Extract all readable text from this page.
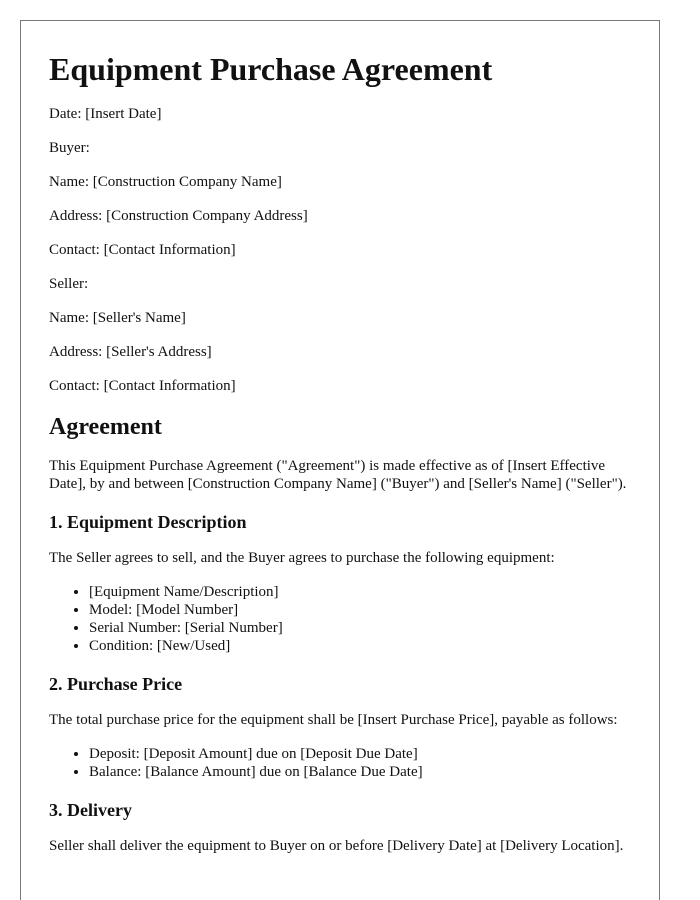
Equipment Purchase Agreement

Date: [Insert Date]

Buyer:

Name: [Construction Company Name]

Address: [Construction Company Address]

Contact: [Contact Information]

Seller:

Name: [Seller's Name]

Address: [Seller's Address]

Contact: [Contact Information]

Agreement

This Equipment Purchase Agreement ("Agreement") is made effective as of [Insert Effective Date], by and between [Construction Company Name] ("Buyer") and [Seller's Name] ("Seller").

1. Equipment Description

The Seller agrees to sell, and the Buyer agrees to purchase the following equipment:

• [Equipment Name/Description]
• Model: [Model Number]
• Serial Number: [Serial Number]
• Condition: [New/Used]
2. Purchase Price

The total purchase price for the equipment shall be [Insert Purchase Price], payable as follows:

• Deposit: [Deposit Amount] due on [Deposit Due Date]
• Balance: [Balance Amount] due on [Balance Due Date]
3. Delivery

Seller shall deliver the equipment to Buyer on or before [Delivery Date] at [Delivery Location].
